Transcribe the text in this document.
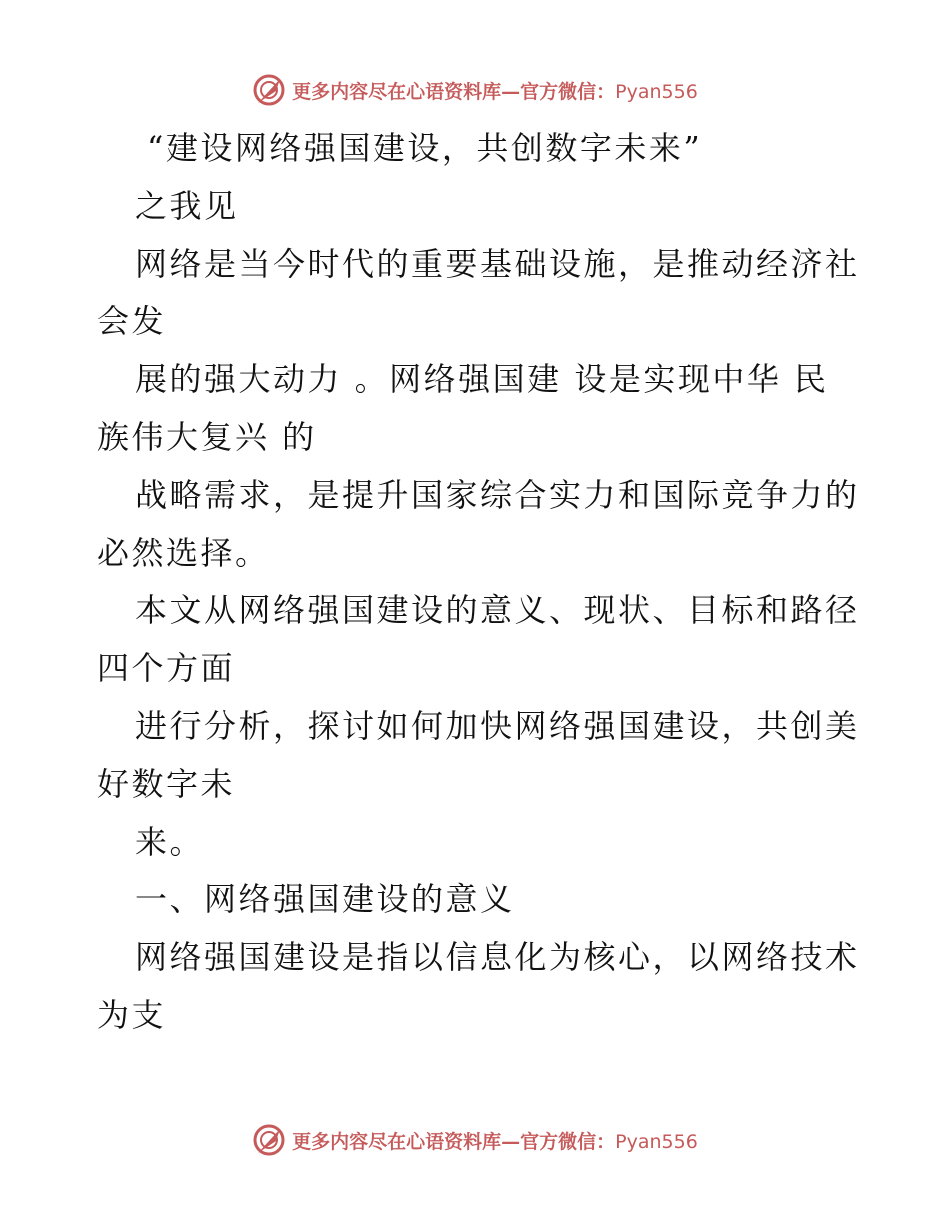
更多内容尽在心语资料库—官方微信：Pyan556
“建设网络强国建设，共创数字未来”
之我见
网络是当今时代的重要基础设施，是推动经济社
会发
展的强大动力 。网络强国建 设是实现中华 民
族伟大复兴 的
战略需求，是提升国家综合实力和国际竞争力的
必然选择。
本文从网络强国建设的意义、现状、目标和路径
四个方面
进行分析，探讨如何加快网络强国建设，共创美
好数字未
来。
一、网络强国建设的意义
网络强国建设是指以信息化为核心，以网络技术
为支
更多内容尽在心语资料库—官方微信：Pyan556
